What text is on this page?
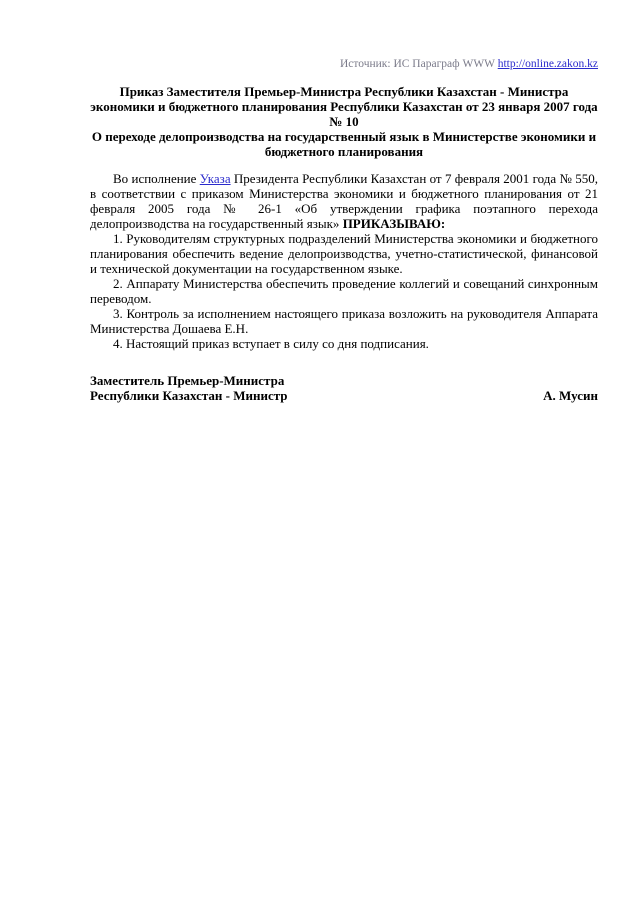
Источник: ИС Параграф WWW http://online.zakon.kz

Приказ Заместителя Премьер-Министра Республики Казахстан - Министра экономики и бюджетного планирования Республики Казахстан от 23 января 2007 года № 10

О переходе делопроизводства на государственный язык в Министерстве экономики и бюджетного планирования

Во исполнение Указа Президента Республики Казахстан от 7 февраля 2001 года № 550, в соответствии с приказом Министерства экономики и бюджетного планирования от 21 февраля 2005 года № 26-1 «Об утверждении графика поэтапного перехода делопроизводства на государственный язык» ПРИКАЗЫВАЮ:

1. Руководителям структурных подразделений Министерства экономики и бюджетного планирования обеспечить ведение делопроизводства, учетно-статистической, финансовой и технической документации на государственном языке.

2. Аппарату Министерства обеспечить проведение коллегий и совещаний синхронным переводом.

3. Контроль за исполнением настоящего приказа возложить на руководителя Аппарата Министерства Дошаева Е.Н.

4. Настоящий приказ вступает в силу со дня подписания.

Заместитель Премьер-Министра
Республики Казахстан - Министр	А. Мусин
